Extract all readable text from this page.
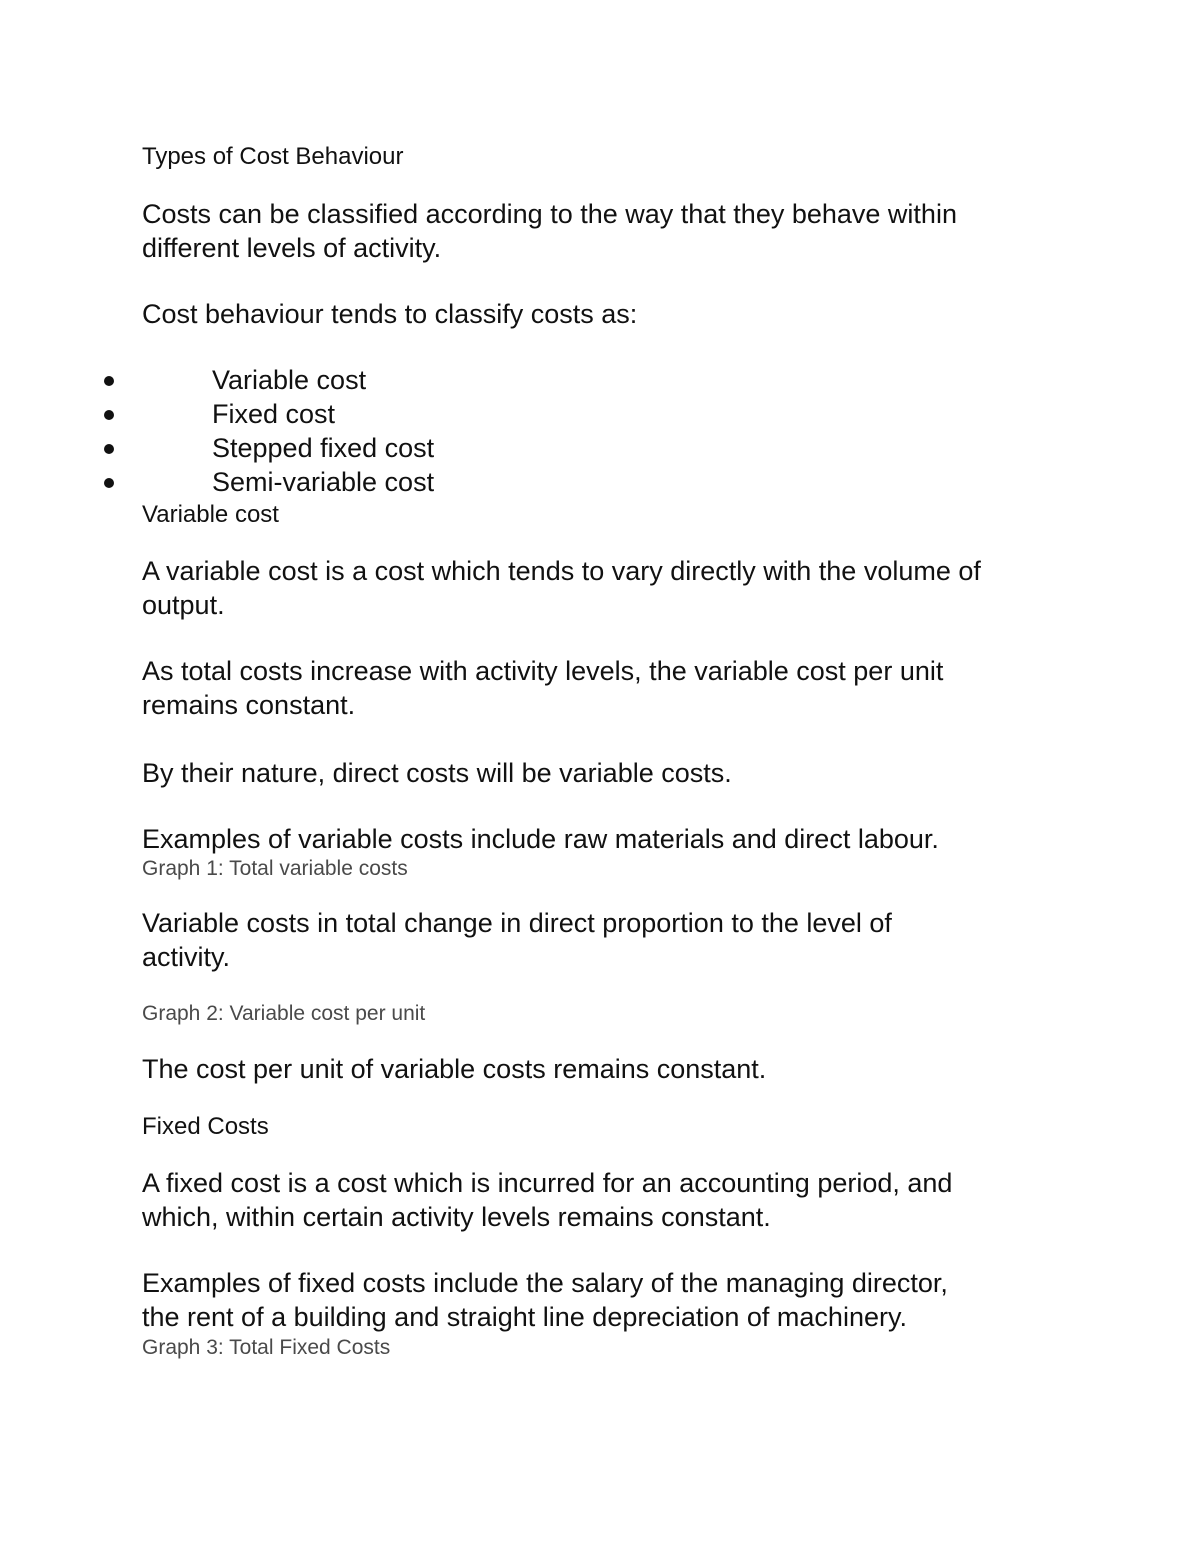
Types of Cost Behaviour

Costs can be classified according to the way that they behave within

different levels of activity.

Cost behaviour tends to classify costs as:

Variable cost
Fixed cost
Stepped fixed cost
Semi-variable cost

Variable cost

A variable cost is a cost which tends to vary directly with the volume of

output.

As total costs increase with activity levels, the variable cost per unit

remains constant.

By their nature, direct costs will be variable costs.

Examples of variable costs include raw materials and direct labour.

Graph 1: Total variable costs

Variable costs in total change in direct proportion to the level of

activity.

Graph 2: Variable cost per unit

The cost per unit of variable costs remains constant.

Fixed Costs

A fixed cost is a cost which is incurred for an accounting period, and

which, within certain activity levels remains constant.

Examples of fixed costs include the salary of the managing director,

the rent of a building and straight line depreciation of machinery.

Graph 3: Total Fixed Costs
